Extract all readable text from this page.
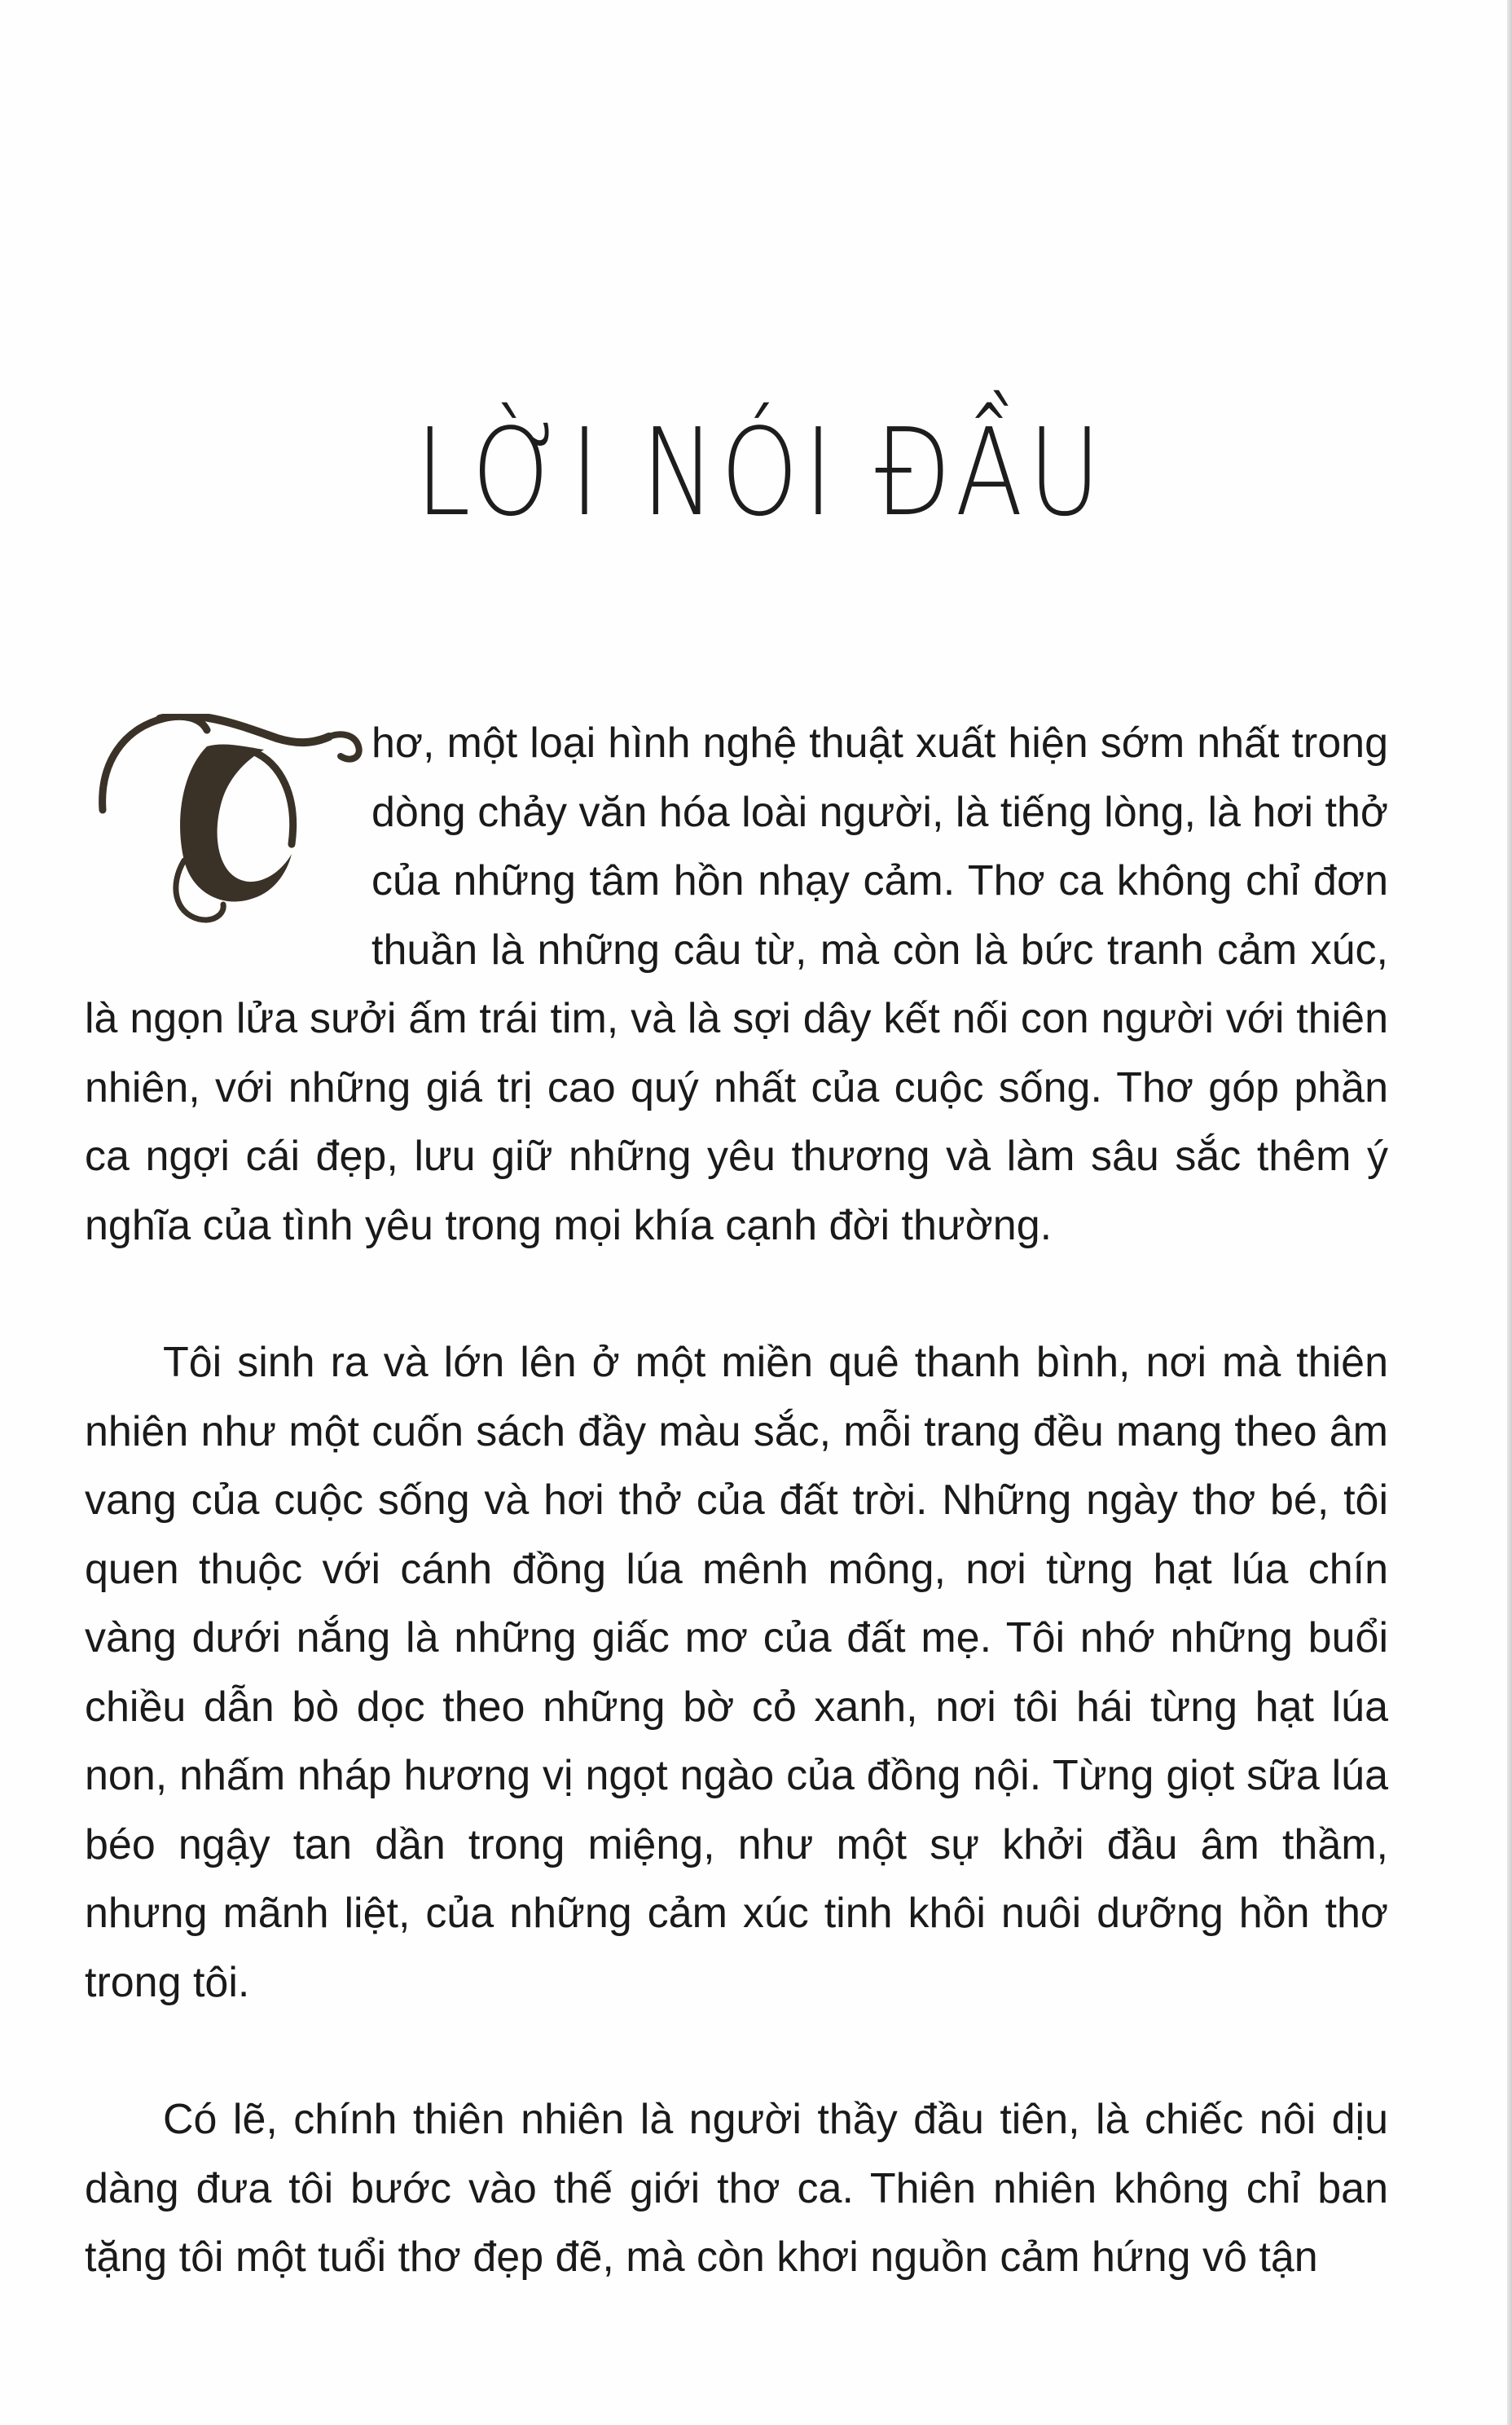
LỜI NÓI ĐẦU

hơ, một loại hình nghệ thuật xuất hiện sớm nhất trong dòng chảy văn hóa loài người, là tiếng lòng, là hơi thở của những tâm hồn nhạy cảm. Thơ ca không chỉ đơn thuần là những câu từ, mà còn là bức tranh cảm xúc, là ngọn lửa sưởi ấm trái tim, và là sợi dây kết nối con người với thiên nhiên, với những giá trị cao quý nhất của cuộc sống. Thơ góp phần ca ngợi cái đẹp, lưu giữ những yêu thương và làm sâu sắc thêm ý nghĩa của tình yêu trong mọi khía cạnh đời thường.

Tôi sinh ra và lớn lên ở một miền quê thanh bình, nơi mà thiên nhiên như một cuốn sách đầy màu sắc, mỗi trang đều mang theo âm vang của cuộc sống và hơi thở của đất trời. Những ngày thơ bé, tôi quen thuộc với cánh đồng lúa mênh mông, nơi từng hạt lúa chín vàng dưới nắng là những giấc mơ của đất mẹ. Tôi nhớ những buổi chiều dẫn bò dọc theo những bờ cỏ xanh, nơi tôi hái từng hạt lúa non, nhấm nháp hương vị ngọt ngào của đồng nội. Từng giọt sữa lúa béo ngậy tan dần trong miệng, như một sự khởi đầu âm thầm, nhưng mãnh liệt, của những cảm xúc tinh khôi nuôi dưỡng hồn thơ trong tôi.

Có lẽ, chính thiên nhiên là người thầy đầu tiên, là chiếc nôi dịu dàng đưa tôi bước vào thế giới thơ ca. Thiên nhiên không chỉ ban tặng tôi một tuổi thơ đẹp đẽ, mà còn khơi nguồn cảm hứng vô tận
